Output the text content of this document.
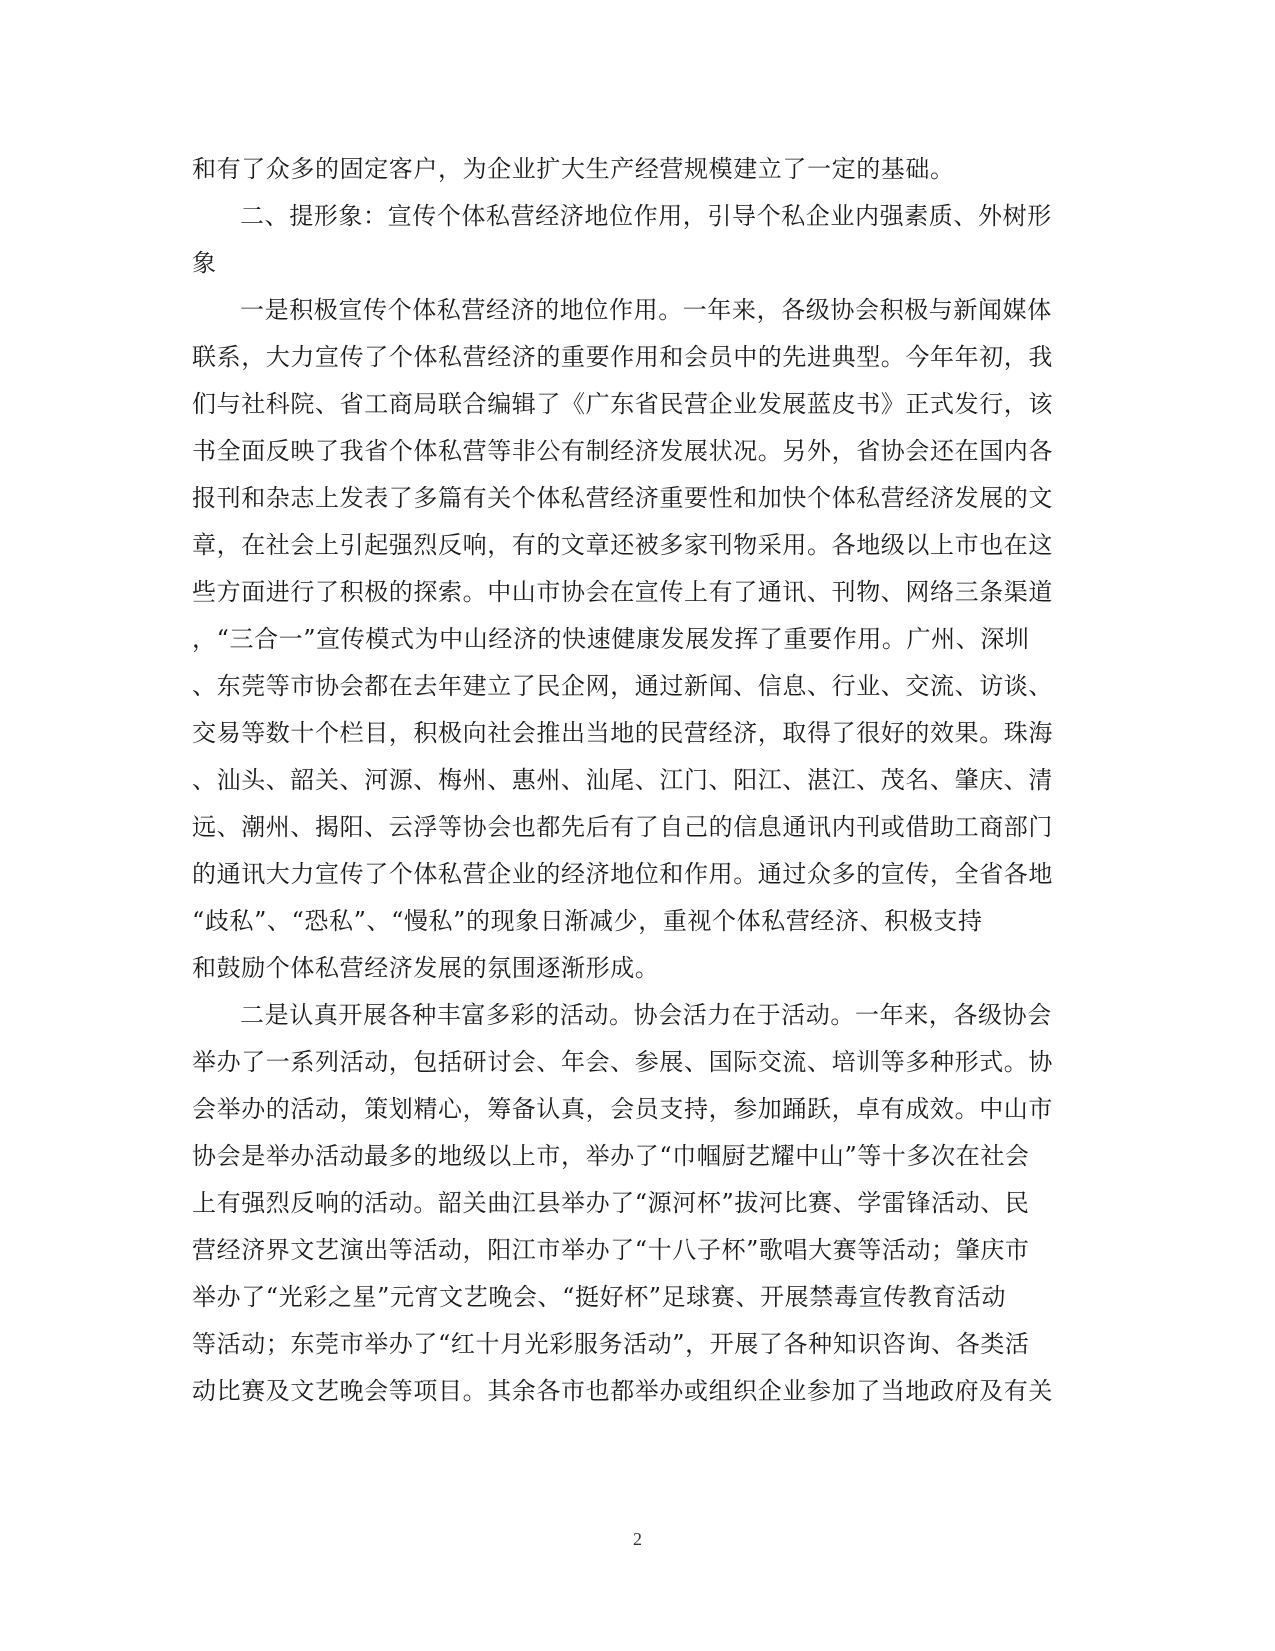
和有了众多的固定客户，为企业扩大生产经营规模建立了一定的基础。
二、提形象：宣传个体私营经济地位作用，引导个私企业内强素质、外树形
象
一是积极宣传个体私营经济的地位作用。一年来，各级协会积极与新闻媒体
联系，大力宣传了个体私营经济的重要作用和会员中的先进典型。今年年初，我
们与社科院、省工商局联合编辑了《广东省民营企业发展蓝皮书》正式发行，该
书全面反映了我省个体私营等非公有制经济发展状况。另外，省协会还在国内各
报刊和杂志上发表了多篇有关个体私营经济重要性和加快个体私营经济发展的文
章，在社会上引起强烈反响，有的文章还被多家刊物采用。各地级以上市也在这
些方面进行了积极的探索。中山市协会在宣传上有了通讯、刊物、网络三条渠道
，“三合一”宣传模式为中山经济的快速健康发展发挥了重要作用。广州、深圳
、东莞等市协会都在去年建立了民企网，通过新闻、信息、行业、交流、访谈、
交易等数十个栏目，积极向社会推出当地的民营经济，取得了很好的效果。珠海
、汕头、韶关、河源、梅州、惠州、汕尾、江门、阳江、湛江、茂名、肇庆、清
远、潮州、揭阳、云浮等协会也都先后有了自己的信息通讯内刊或借助工商部门
的通讯大力宣传了个体私营企业的经济地位和作用。通过众多的宣传，全省各地
“歧私”、“恐私”、“慢私”的现象日渐减少，重视个体私营经济、积极支持
和鼓励个体私营经济发展的氛围逐渐形成。
二是认真开展各种丰富多彩的活动。协会活力在于活动。一年来，各级协会
举办了一系列活动，包括研讨会、年会、参展、国际交流、培训等多种形式。协
会举办的活动，策划精心，筹备认真，会员支持，参加踊跃，卓有成效。中山市
协会是举办活动最多的地级以上市，举办了“巾帼厨艺耀中山”等十多次在社会
上有强烈反响的活动。韶关曲江县举办了“源河杯”拔河比赛、学雷锋活动、民
营经济界文艺演出等活动，阳江市举办了“十八子杯”歌唱大赛等活动；肇庆市
举办了“光彩之星”元宵文艺晚会、“挺好杯”足球赛、开展禁毒宣传教育活动
等活动；东莞市举办了“红十月光彩服务活动”，开展了各种知识咨询、各类活
动比赛及文艺晚会等项目。其余各市也都举办或组织企业参加了当地政府及有关
2
